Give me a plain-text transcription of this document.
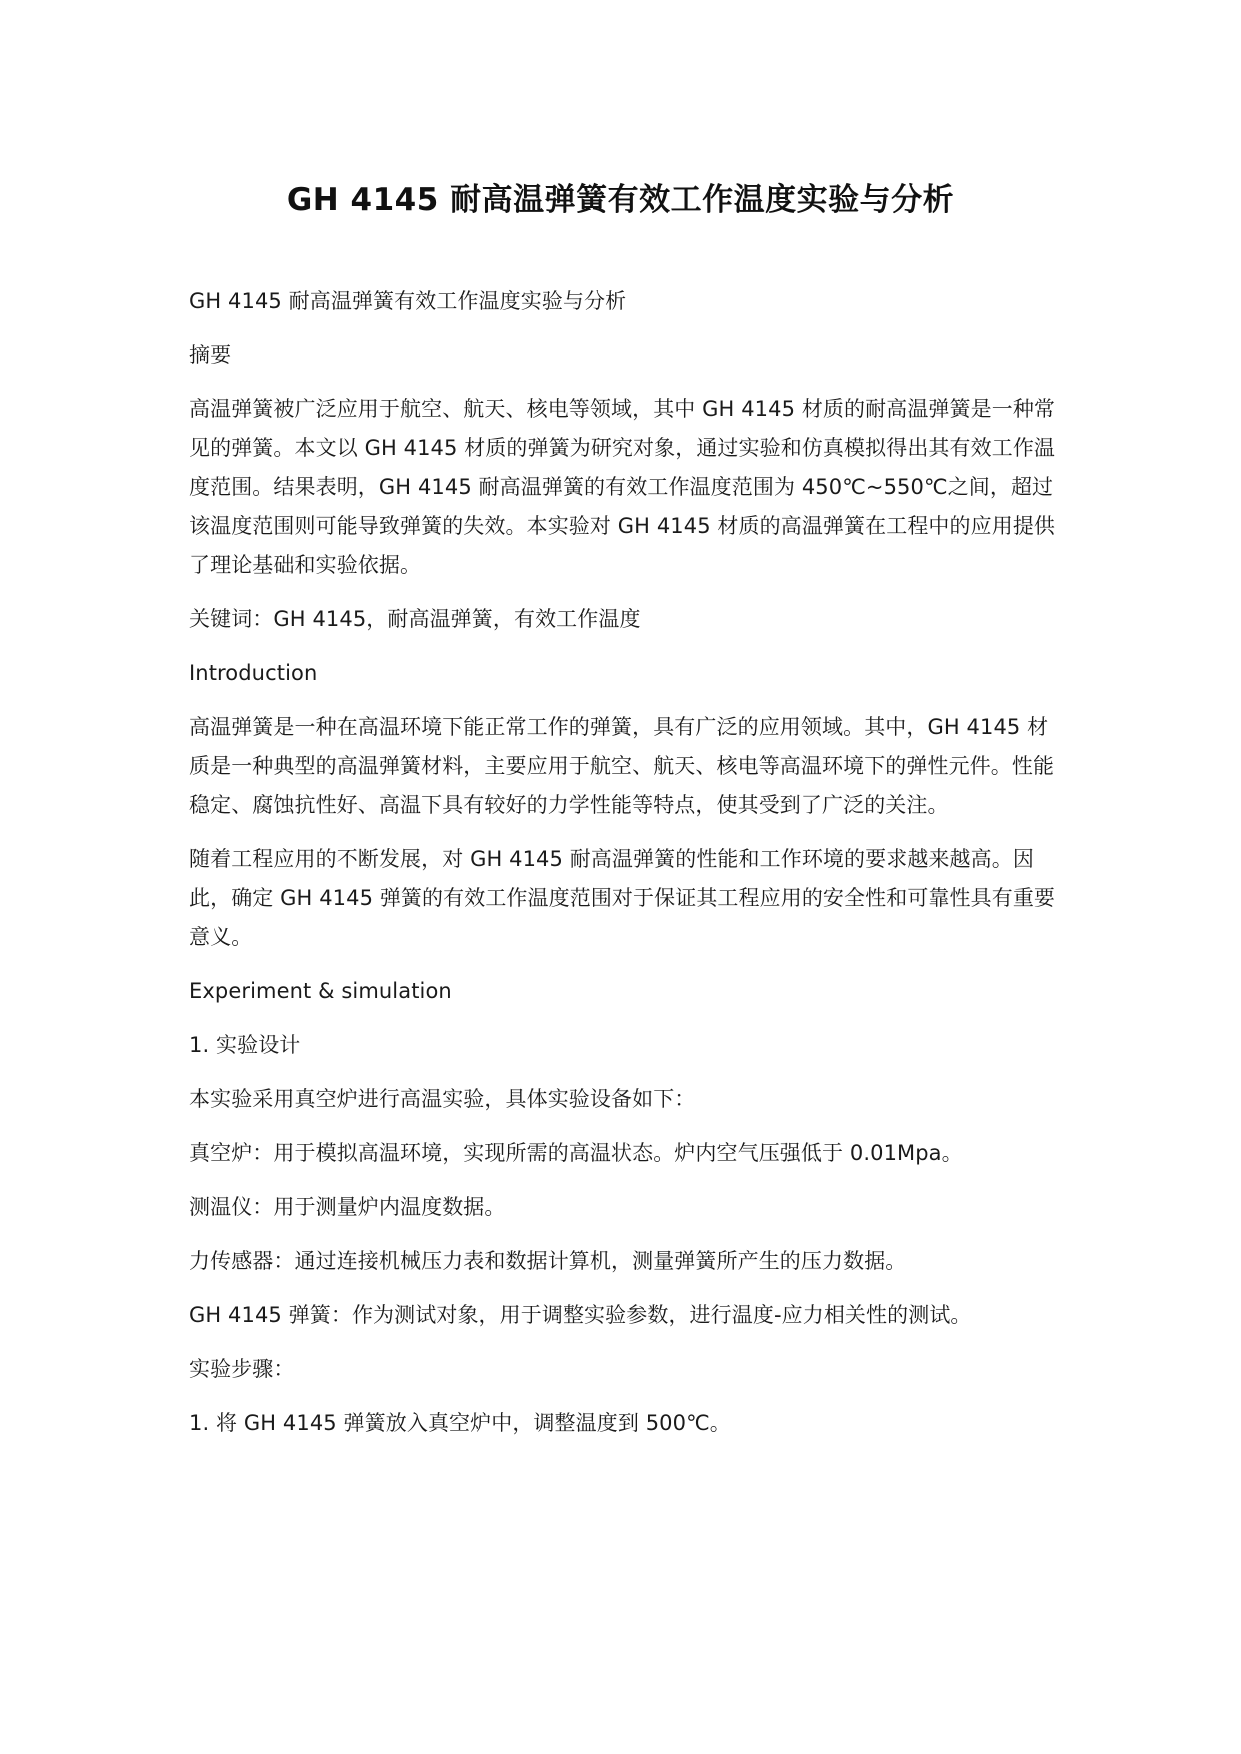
GH 4145 耐高温弹簧有效工作温度实验与分析

GH 4145 耐高温弹簧有效工作温度实验与分析

摘要

高温弹簧被广泛应用于航空、航天、核电等领域，其中 GH 4145 材质的耐高温弹簧是一种常见的弹簧。本文以 GH 4145 材质的弹簧为研究对象，通过实验和仿真模拟得出其有效工作温度范围。结果表明，GH 4145 耐高温弹簧的有效工作温度范围为 450℃~550℃之间，超过该温度范围则可能导致弹簧的失效。本实验对 GH 4145 材质的高温弹簧在工程中的应用提供了理论基础和实验依据。

关键词：GH 4145，耐高温弹簧，有效工作温度

Introduction

高温弹簧是一种在高温环境下能正常工作的弹簧，具有广泛的应用领域。其中，GH 4145 材质是一种典型的高温弹簧材料，主要应用于航空、航天、核电等高温环境下的弹性元件。性能稳定、腐蚀抗性好、高温下具有较好的力学性能等特点，使其受到了广泛的关注。

随着工程应用的不断发展，对 GH 4145 耐高温弹簧的性能和工作环境的要求越来越高。因此，确定 GH 4145 弹簧的有效工作温度范围对于保证其工程应用的安全性和可靠性具有重要意义。

Experiment & simulation

1. 实验设计

本实验采用真空炉进行高温实验，具体实验设备如下：

真空炉：用于模拟高温环境，实现所需的高温状态。炉内空气压强低于 0.01Mpa。

测温仪：用于测量炉内温度数据。

力传感器：通过连接机械压力表和数据计算机，测量弹簧所产生的压力数据。

GH 4145 弹簧：作为测试对象，用于调整实验参数，进行温度-应力相关性的测试。

实验步骤：

1. 将 GH 4145 弹簧放入真空炉中，调整温度到 500℃。
